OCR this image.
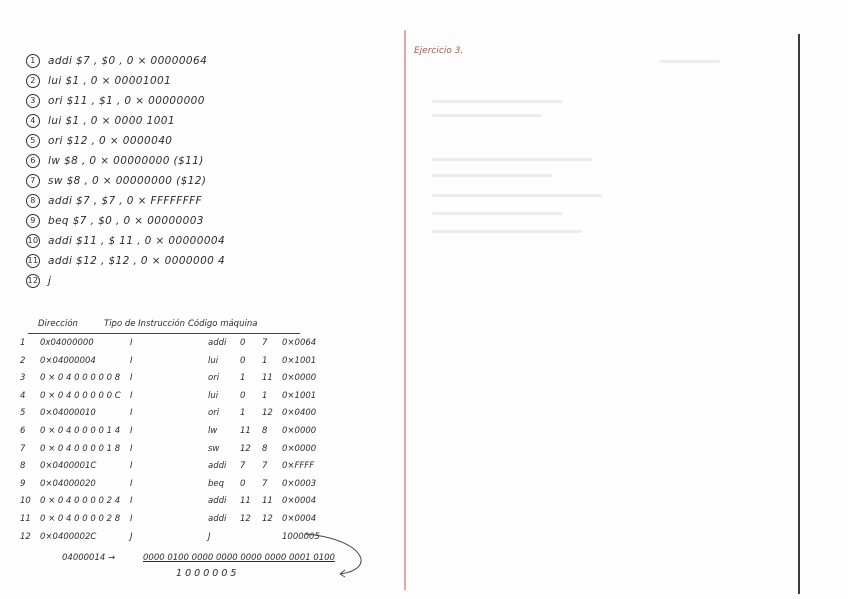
1 addi $7 , $0 , 0 × 00000064
2 lui $1 , 0 × 00001001
3 ori $11 , $1 , 0 × 00000000
4 lui $1 , 0 × 0000 1001
5 ori $12 , 0 × 0000040
6 lw $8 , 0 × 00000000 ($11)
7 sw $8 , 0 × 00000000 ($12)
8 addi $7 , $7 , 0 × FFFFFFFF
9 beq $7 , $0 , 0 × 00000003
10 addi $11 , $ 11 , 0 × 00000004
11 addi $12 , $12 , 0 × 0000000 4
12 j
Dirección	Tipo de Instrucción Código máquina
1 0x04000000	I	addi 0 7 0×0064
2 0×04000004	I	lui	0 1 0×1001
3 0 × 0 4 0 0 0 0 0 8 I	ori 1 11 0×0000
4 0 × 0 4 0 0 0 0 0 C I	lui	0 1 0×1001
5 0×04000010	I	ori 1 12 0×0400
6 0 × 0 4 0 0 0 0 1 4 I	lw	11 8 0×0000
7 0 × 0 4 0 0 0 0 1 8 I	sw 12 8 0×0000
8 0×0400001C	I	addi 7 7 0×FFFF
9 0×04000020	I	beq 0 7 0×0003
10 0 × 0 4 0 0 0 0 2 4 I	addi 11 11 0×0004
11 0 × 0 4 0 0 0 0 2 8 I	addi 12 12 0×0004
12 0×0400002C	J	J	1000005
04000014 →	0000 0100 0000 0000 0000 0000 0001 0100
1 0 0 0 0 0 5
Ejercicio 3.
